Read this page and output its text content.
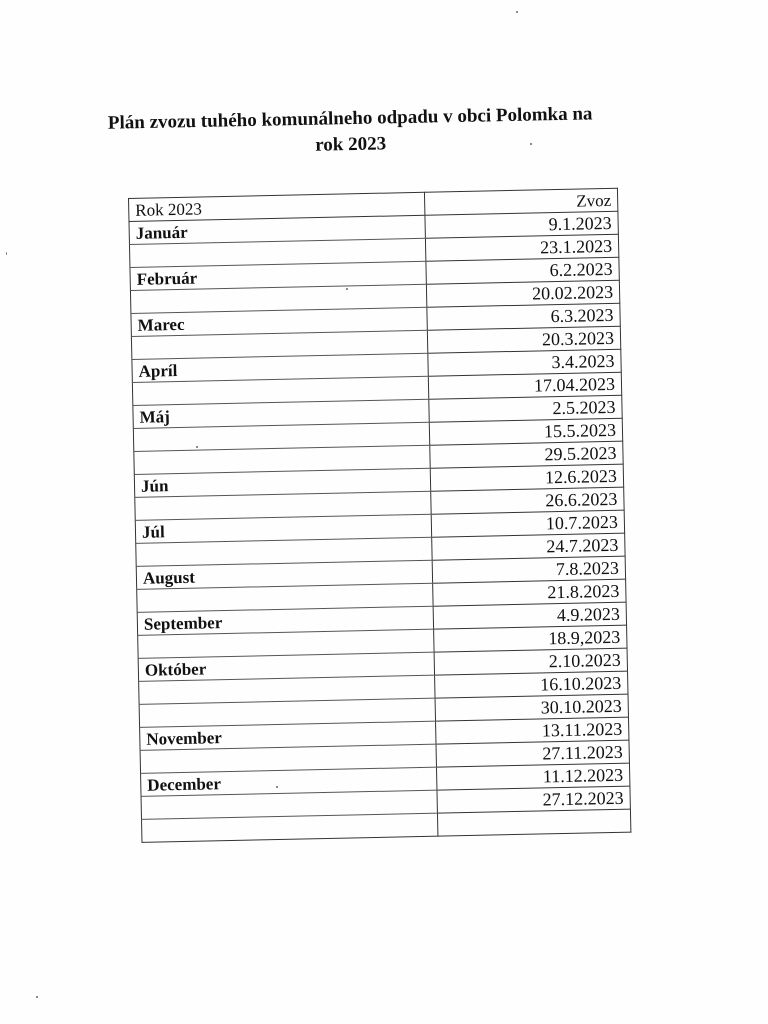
Plán zvozu tuhého komunálneho odpadu v obci Polomka na
rok 2023
Rok 2023	Zvoz
Január	9.1.2023
	23.1.2023
Február	6.2.2023
	20.02.2023
Marec	6.3.2023
	20.3.2023
Apríl	3.4.2023
	17.04.2023
Máj	2.5.2023
	15.5.2023
	29.5.2023
Jún	12.6.2023
	26.6.2023
Júl	10.7.2023
	24.7.2023
August	7.8.2023
	21.8.2023
September	4.9.2023
	18.9,2023
Október	2.10.2023
	16.10.2023
	30.10.2023
November	13.11.2023
	27.11.2023
December	11.12.2023
	27.12.2023
